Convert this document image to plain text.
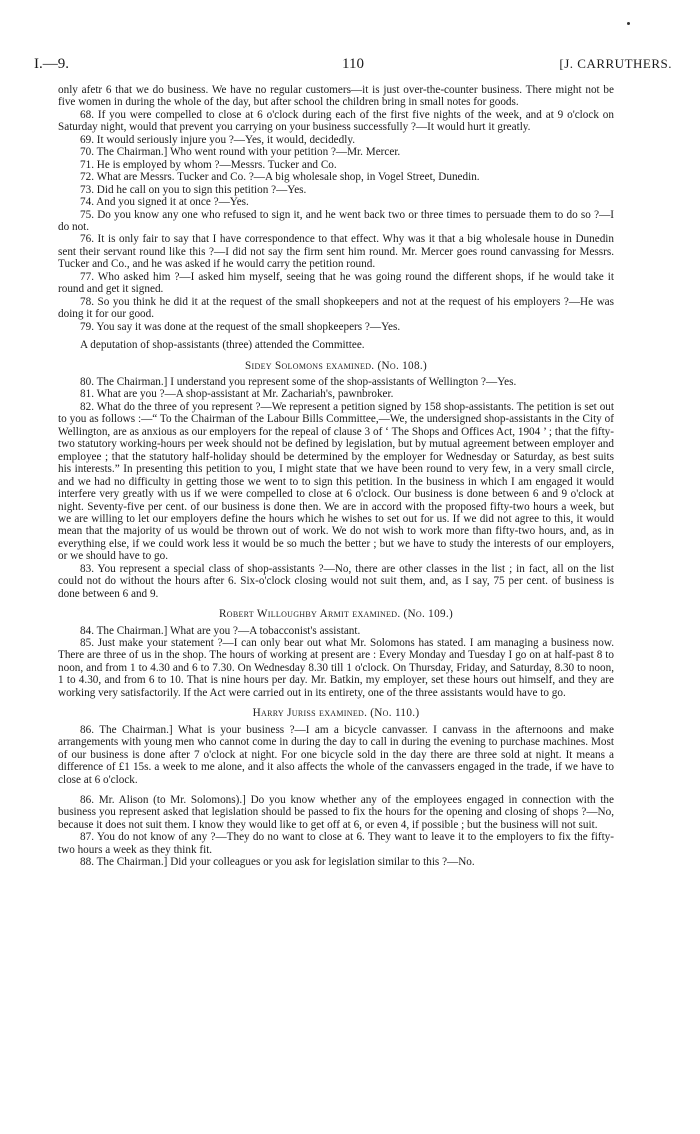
I.—9.	110	[J. CARRUTHERS.

only afetr 6 that we do business. We have no regular customers—it is just over-the-counter business. There might not be five women in during the whole of the day, but after school the children bring in small notes for goods.

68. If you were compelled to close at 6 o'clock during each of the first five nights of the week, and at 9 o'clock on Saturday night, would that prevent you carrying on your business successfully ?—It would hurt it greatly.

69. It would seriously injure you ?—Yes, it would, decidedly.

70. The Chairman.] Who went round with your petition ?—Mr. Mercer.

71. He is employed by whom ?—Messrs. Tucker and Co.

72. What are Messrs. Tucker and Co. ?—A big wholesale shop, in Vogel Street, Dunedin.

73. Did he call on you to sign this petition ?—Yes.

74. And you signed it at once ?—Yes.

75. Do you know any one who refused to sign it, and he went back two or three times to persuade them to do so ?—I do not.

76. It is only fair to say that I have correspondence to that effect. Why was it that a big wholesale house in Dunedin sent their servant round like this ?—I did not say the firm sent him round. Mr. Mercer goes round canvassing for Messrs. Tucker and Co., and he was asked if he would carry the petition round.

77. Who asked him ?—I asked him myself, seeing that he was going round the different shops, if he would take it round and get it signed.

78. So you think he did it at the request of the small shopkeepers and not at the request of his employers ?—He was doing it for our good.

79. You say it was done at the request of the small shopkeepers ?—Yes.

A deputation of shop-assistants (three) attended the Committee.

Sidey Solomons examined. (No. 108.)

80. The Chairman.] I understand you represent some of the shop-assistants of Wellington ?—Yes.

81. What are you ?—A shop-assistant at Mr. Zachariah's, pawnbroker.

82. What do the three of you represent ?—We represent a petition signed by 158 shop-assistants. The petition is set out to you as follows :—“ To the Chairman of the Labour Bills Committee,—We, the undersigned shop-assistants in the City of Wellington, are as anxious as our employers for the repeal of clause 3 of ‘ The Shops and Offices Act, 1904 ’ ; that the fifty-two statutory working-hours per week should not be defined by legislation, but by mutual agreement between employer and employee ; that the statutory half-holiday should be determined by the employer for Wednesday or Saturday, as best suits his interests.” In presenting this petition to you, I might state that we have been round to very few, in a very small circle, and we had no difficulty in getting those we went to to sign this petition. In the business in which I am engaged it would interfere very greatly with us if we were compelled to close at 6 o'clock. Our business is done between 6 and 9 o'clock at night. Seventy-five per cent. of our business is done then. We are in accord with the proposed fifty-two hours a week, but we are willing to let our employers define the hours which he wishes to set out for us. If we did not agree to this, it would mean that the majority of us would be thrown out of work. We do not wish to work more than fifty-two hours, and, as in everything else, if we could work less it would be so much the better ; but we have to study the interests of our employers, or we should have to go.

83. You represent a special class of shop-assistants ?—No, there are other classes in the list ; in fact, all on the list could not do without the hours after 6. Six-o'clock closing would not suit them, and, as I say, 75 per cent. of business is done between 6 and 9.

Robert Willoughby Armit examined. (No. 109.)

84. The Chairman.] What are you ?—A tobacconist's assistant.

85. Just make your statement ?—I can only bear out what Mr. Solomons has stated. I am managing a business now. There are three of us in the shop. The hours of working at present are : Every Monday and Tuesday I go on at half-past 8 to noon, and from 1 to 4.30 and 6 to 7.30. On Wednesday 8.30 till 1 o'clock. On Thursday, Friday, and Saturday, 8.30 to noon, 1 to 4.30, and from 6 to 10. That is nine hours per day. Mr. Batkin, my employer, set these hours out himself, and they are working very satisfactorily. If the Act were carried out in its entirety, one of the three assistants would have to go.

Harry Juriss examined. (No. 110.)

86. The Chairman.] What is your business ?—I am a bicycle canvasser. I canvass in the afternoons and make arrangements with young men who cannot come in during the day to call in during the evening to purchase machines. Most of our business is done after 7 o'clock at night. For one bicycle sold in the day there are three sold at night. It means a difference of £1 15s. a week to me alone, and it also affects the whole of the canvassers engaged in the trade, if we have to close at 6 o'clock.

86. Mr. Alison (to Mr. Solomons).] Do you know whether any of the employees engaged in connection with the business you represent asked that legislation should be passed to fix the hours for the opening and closing of shops ?—No, because it does not suit them. I know they would like to get off at 6, or even 4, if possible ; but the business will not suit.

87. You do not know of any ?—They do no want to close at 6. They want to leave it to the employers to fix the fifty-two hours a week as they think fit.

88. The Chairman.] Did your colleagues or you ask for legislation similar to this ?—No.
